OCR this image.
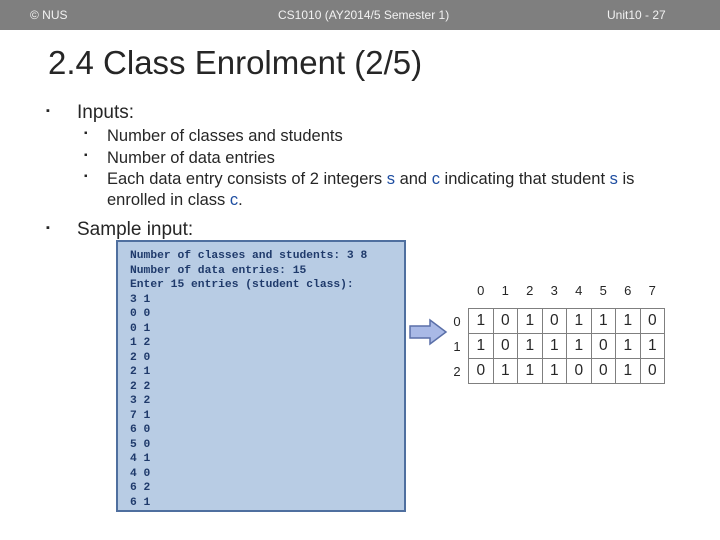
© NUS	CS1010 (AY2014/5 Semester 1)	Unit10 - 27
2.4 Class Enrolment (2/5)
▪ Inputs:
▪ Number of classes and students
▪ Number of data entries
▪ Each data entry consists of 2 integers s and c indicating that student s is enrolled in class c.
▪ Sample input:
Number of classes and students: 3 8
Number of data entries: 15
Enter 15 entries (student class):
3 1
0 0
0 1
1 2
2 0
2 1
2 2
3 2
7 1
6 0
5 0
4 1
4 0
6 2
6 1
	0	1	2	3	4	5	6	7

0	1	0	1	0	1	1	1	0
1	1	0	1	1	1	0	1	1
2	0	1	1	1	0	0	1	0
